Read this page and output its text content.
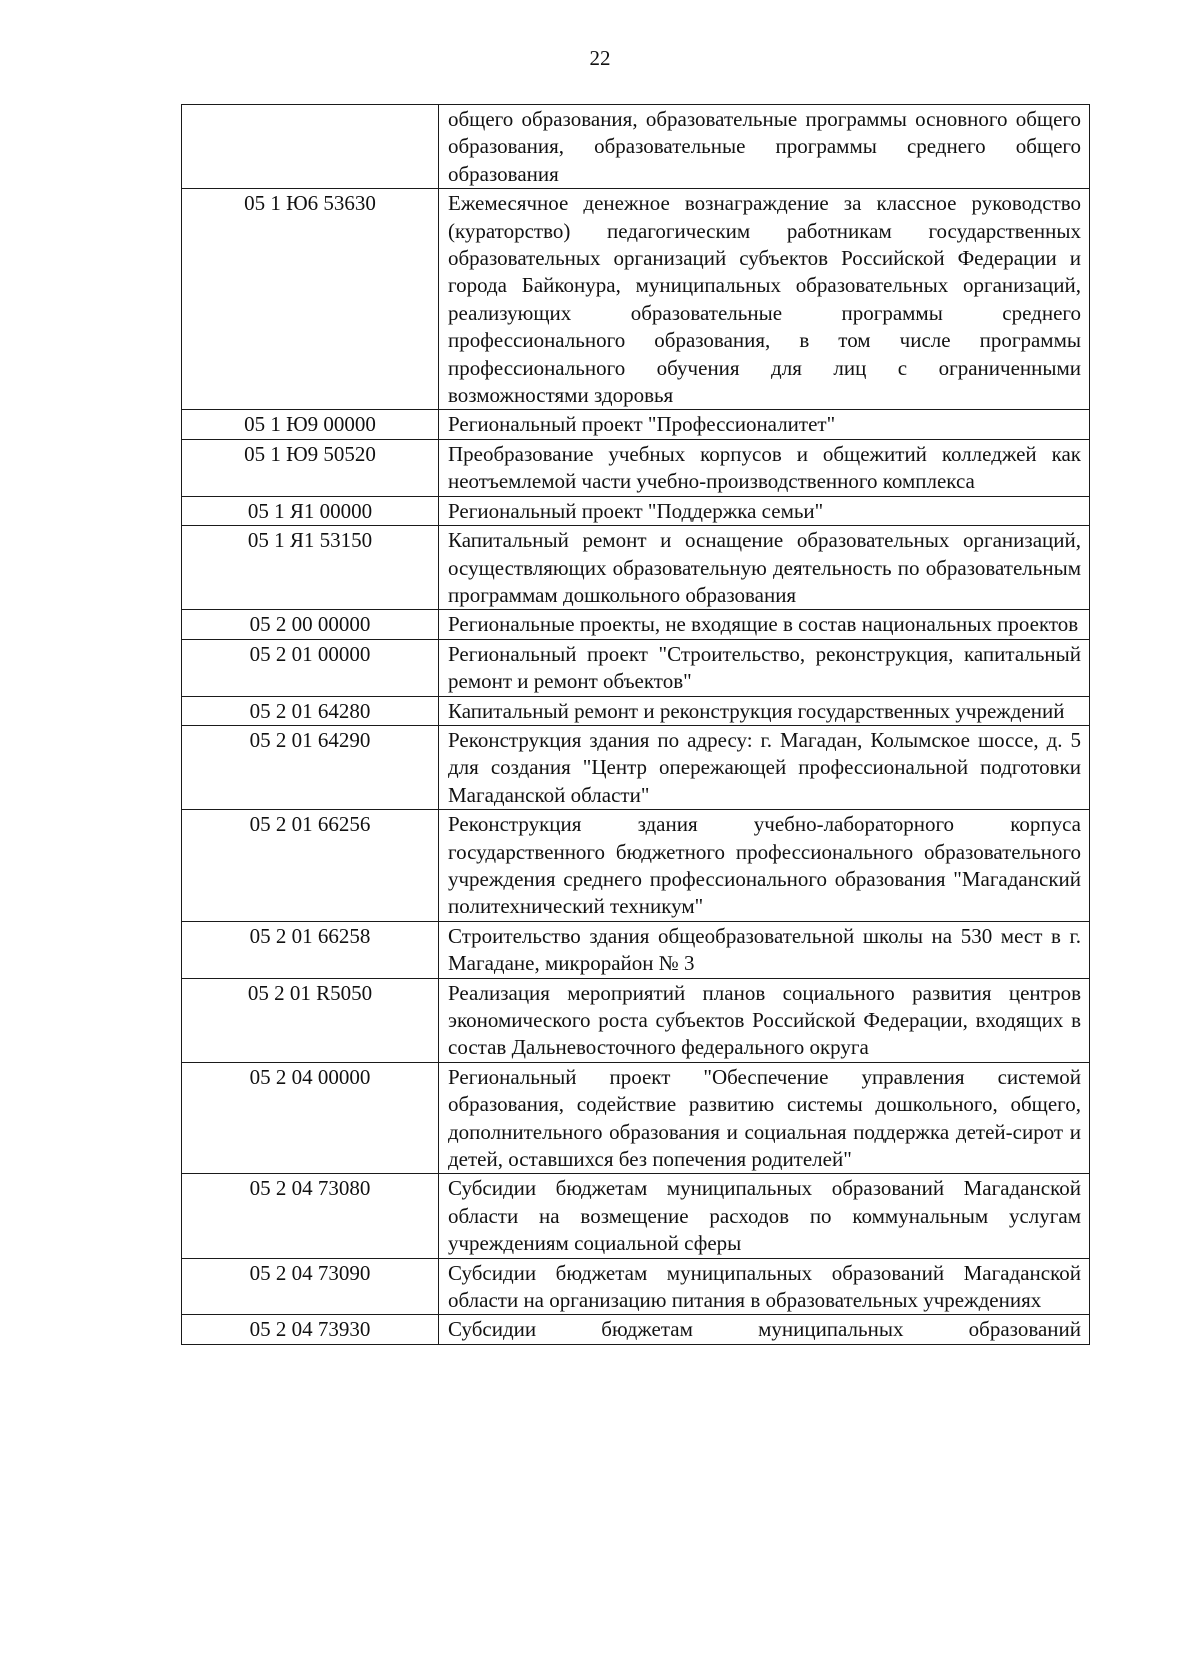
22
	общего образования, образовательные программы основного общего образования, образовательные программы среднего общего образования
05 1 Ю6 53630	Ежемесячное денежное вознаграждение за классное руководство (кураторство) педагогическим работникам государственных образовательных организаций субъектов Российской Федерации и города Байконура, муниципальных образовательных организаций, реализующих образовательные программы среднего профессионального образования, в том числе программы профессионального обучения для лиц с ограниченными возможностями здоровья
05 1 Ю9 00000	Региональный проект "Профессионалитет"
05 1 Ю9 50520	Преобразование учебных корпусов и общежитий колледжей как неотъемлемой части учебно-производственного комплекса
05 1 Я1 00000	Региональный проект "Поддержка семьи"
05 1 Я1 53150	Капитальный ремонт и оснащение образовательных организаций, осуществляющих образовательную деятельность по образовательным программам дошкольного образования
05 2 00 00000	Региональные проекты, не входящие в состав национальных проектов
05 2 01 00000	Региональный проект "Строительство, реконструкция, капитальный ремонт и ремонт объектов"
05 2 01 64280	Капитальный ремонт и реконструкция государственных учреждений
05 2 01 64290	Реконструкция здания по адресу: г. Магадан, Колымское шоссе, д. 5 для создания "Центр опережающей профессиональной подготовки Магаданской области"
05 2 01 66256	Реконструкция здания учебно-лабораторного корпуса государственного бюджетного профессионального образовательного учреждения среднего профессионального образования "Магаданский политехнический техникум"
05 2 01 66258	Строительство здания общеобразовательной школы на 530 мест в г. Магадане, микрорайон № 3
05 2 01 R5050	Реализация мероприятий планов социального развития центров экономического роста субъектов Российской Федерации, входящих в состав Дальневосточного федерального округа
05 2 04 00000	Региональный проект "Обеспечение управления системой образования, содействие развитию системы дошкольного, общего, дополнительного образования и социальная поддержка детей-сирот и детей, оставшихся без попечения родителей"
05 2 04 73080	Субсидии бюджетам муниципальных образований Магаданской области на возмещение расходов по коммунальным услугам учреждениям социальной сферы
05 2 04 73090	Субсидии бюджетам муниципальных образований Магаданской области на организацию питания в образовательных учреждениях
05 2 04 73930	Субсидии бюджетам муниципальных образований
